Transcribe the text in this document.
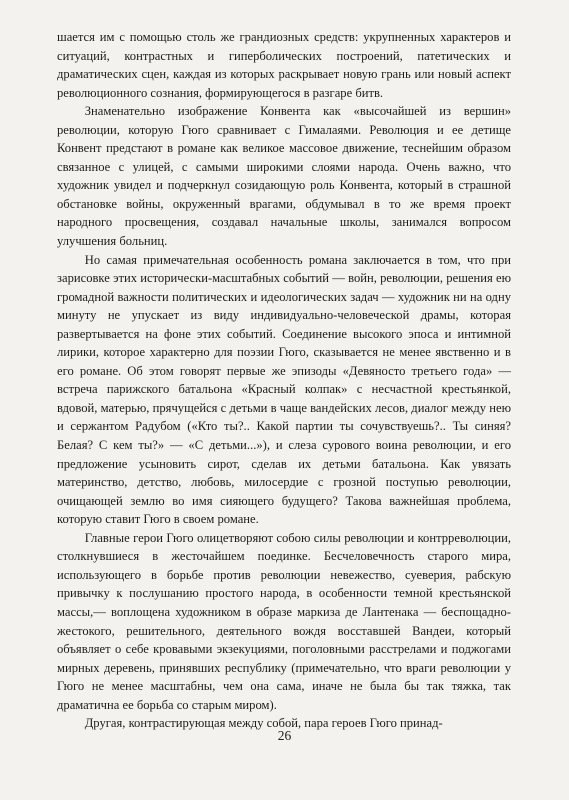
шается им с помощью столь же грандиозных средств: укрупненных характеров и ситуаций, контрастных и гиперболических построений, патетических и драматических сцен, каждая из которых раскрывает новую грань или новый аспект революционного сознания, формирующегося в разгаре битв.

Знаменательно изображение Конвента как «высочайшей из вершин» революции, которую Гюго сравнивает с Гималаями. Революция и ее детище Конвент предстают в романе как великое массовое движение, теснейшим образом связанное с улицей, с самыми широкими слоями народа. Очень важно, что художник увидел и подчеркнул созидающую роль Конвента, который в страшной обстановке войны, окруженный врагами, обдумывал в то же время проект народного просвещения, создавал начальные школы, занимался вопросом улучшения больниц.

Но самая примечательная особенность романа заключается в том, что при зарисовке этих исторически-масштабных событий — войн, революции, решения ею громадной важности политических и идеологических задач — художник ни на одну минуту не упускает из виду индивидуально-человеческой драмы, которая развертывается на фоне этих событий. Соединение высокого эпоса и интимной лирики, которое характерно для поэзии Гюго, сказывается не менее явственно и в его романе. Об этом говорят первые же эпизоды «Девяносто третьего года» — встреча парижского батальона «Красный колпак» с несчастной крестьянкой, вдовой, матерью, прячущейся с детьми в чаще вандейских лесов, диалог между нею и сержантом Радубом («Кто ты?.. Какой партии ты сочувствуешь?.. Ты синяя? Белая? С кем ты?» — «С детьми...»), и слеза сурового воина революции, и его предложение усыновить сирот, сделав их детьми батальона. Как увязать материнство, детство, любовь, милосердие с грозной поступью революции, очищающей землю во имя сияющего будущего? Такова важнейшая проблема, которую ставит Гюго в своем романе.

Главные герои Гюго олицетворяют собою силы революции и контрреволюции, столкнувшиеся в жесточайшем поединке. Бесчеловечность старого мира, использующего в борьбе против революции невежество, суеверия, рабскую привычку к послушанию простого народа, в особенности темной крестьянской массы,— воплощена художником в образе маркиза де Лантенака — беспощадно-жестокого, решительного, деятельного вождя восставшей Вандеи, который объявляет о себе кровавыми экзекуциями, поголовными расстрелами и поджогами мирных деревень, принявших республику (примечательно, что враги революции у Гюго не менее масштабны, чем она сама, иначе не была бы так тяжка, так драматична ее борьба со старым миром).

Другая, контрастирующая между собой, пара героев Гюго принад-

26
